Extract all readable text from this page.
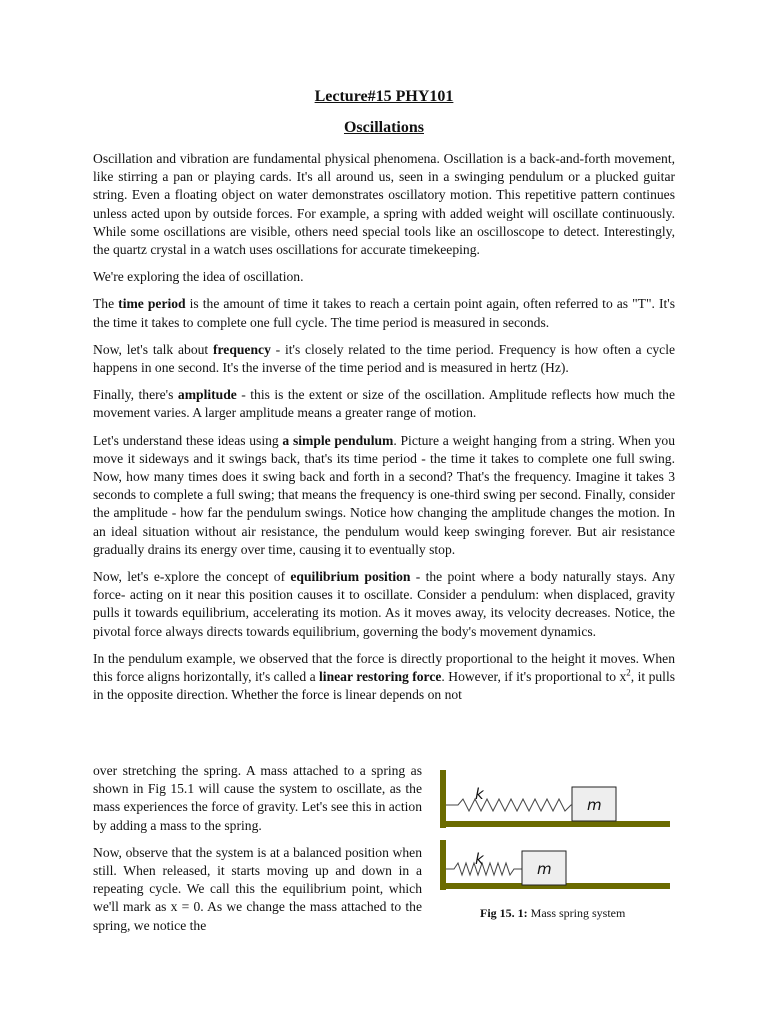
Lecture#15 PHY101
Oscillations

Oscillation and vibration are fundamental physical phenomena. Oscillation is a back-and-forth movement, like stirring a pan or playing cards. It's all around us, seen in a swinging pendulum or a plucked guitar string. Even a floating object on water demonstrates oscillatory motion. This repetitive pattern continues unless acted upon by outside forces. For example, a spring with added weight will oscillate continuously. While some oscillations are visible, others need special tools like an oscilloscope to detect. Interestingly, the quartz crystal in a watch uses oscillations for accurate timekeeping.

We're exploring the idea of oscillation.

The time period is the amount of time it takes to reach a certain point again, often referred to as "T". It's the time it takes to complete one full cycle. The time period is measured in seconds.

Now, let's talk about frequency - it's closely related to the time period. Frequency is how often a cycle happens in one second. It's the inverse of the time period and is measured in hertz (Hz).

Finally, there's amplitude - this is the extent or size of the oscillation. Amplitude reflects how much the movement varies. A larger amplitude means a greater range of motion.

Let's understand these ideas using a simple pendulum. Picture a weight hanging from a string. When you move it sideways and it swings back, that's its time period - the time it takes to complete one full swing. Now, how many times does it swing back and forth in a second? That's the frequency. Imagine it takes 3 seconds to complete a full swing; that means the frequency is one-third swing per second. Finally, consider the amplitude - how far the pendulum swings. Notice how changing the amplitude changes the motion. In an ideal situation without air resistance, the pendulum would keep swinging forever. But air resistance gradually drains its energy over time, causing it to eventually stop.

Now, let's e-xplore the concept of equilibrium position - the point where a body naturally stays. Any force- acting on it near this position causes it to oscillate. Consider a pendulum: when displaced, gravity pulls it towards equilibrium, accelerating its motion. As it moves away, its velocity decreases. Notice, the pivotal force always directs towards equilibrium, governing the body's movement dynamics.

In the pendulum example, we observed that the force is directly proportional to the height it moves. When this force aligns horizontally, it's called a linear restoring force. However, if it's proportional to $x^2$, it pulls in the opposite direction. Whether the force is linear depends on not

over stretching the spring. A mass attached to a spring as shown in Fig 15.1 will cause the system to oscillate, as the mass experiences the force of gravity. Let's see this in action by adding a mass to the spring.

Now, observe that the system is at a balanced position when still. When released, it starts moving up and down in a repeating cycle. We call this the equilibrium point, which we'll mark as x = 0. As we change the mass attached to the spring, we notice the

k
m
k
m
Fig 15. 1: Mass spring system
